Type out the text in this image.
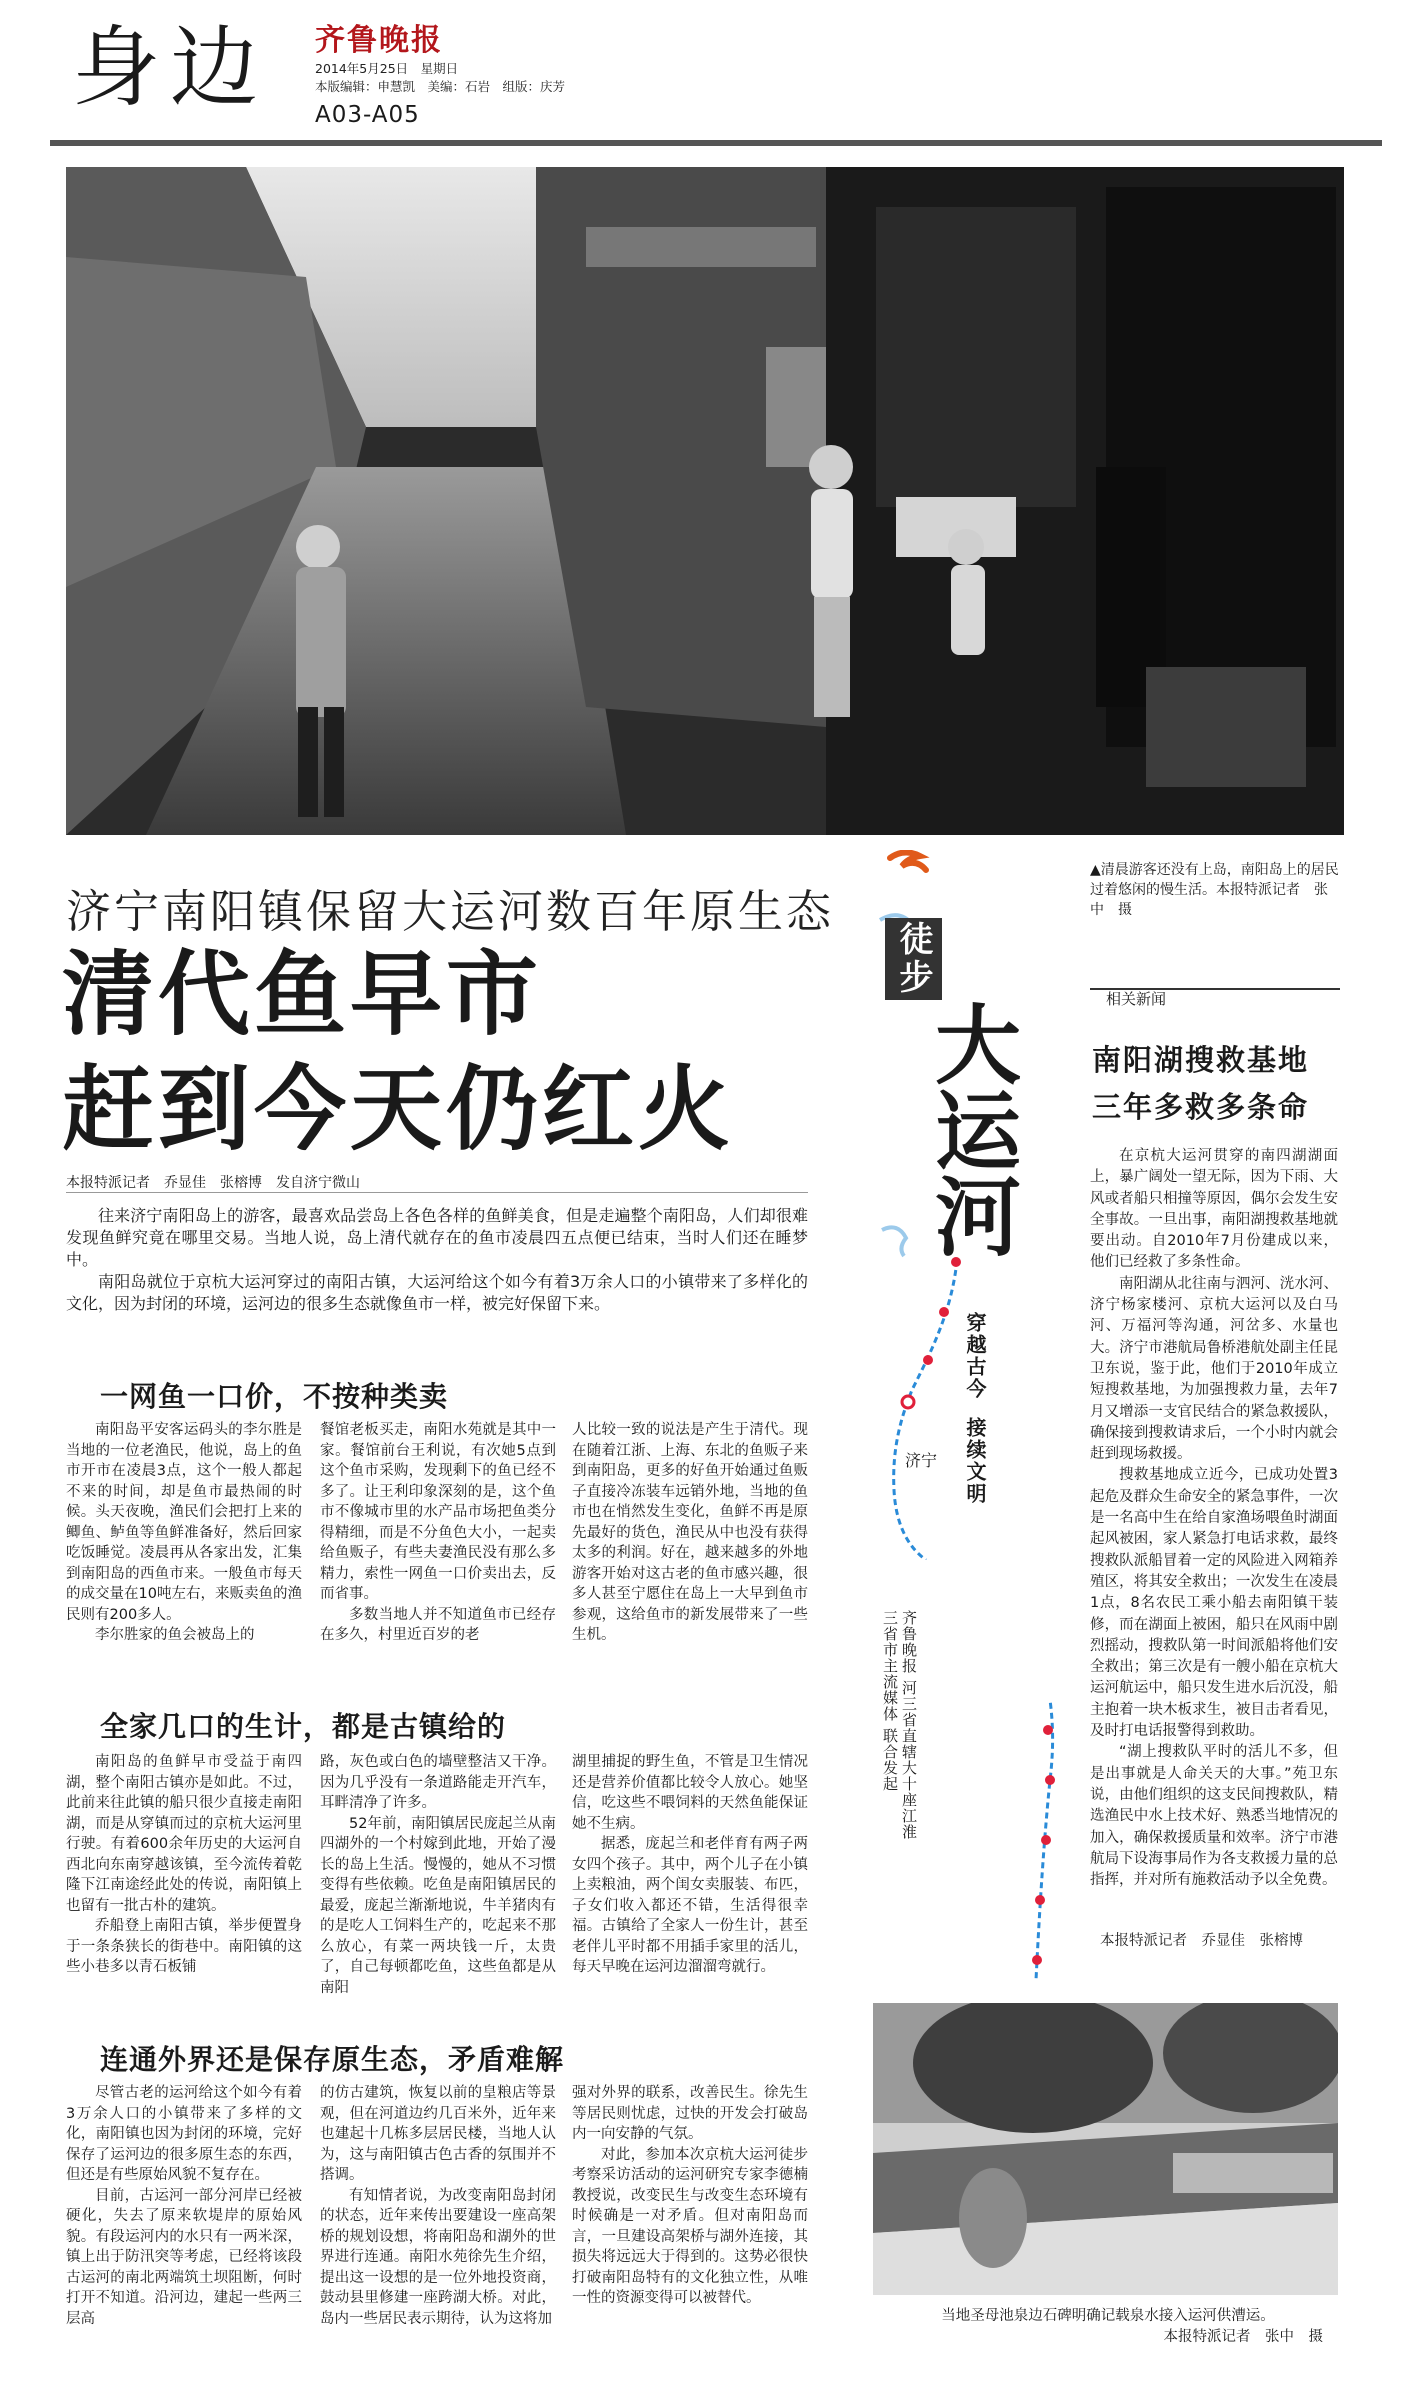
身边 齐鲁晚报
2014年5月25日　星期日
本版编辑：申慧凯　美编：石岩　组版：庆芳
A03-A05
济宁南阳镇保留大运河数百年原生态
清代鱼早市
赶到今天仍红火
本报特派记者　乔显佳　张榕博　发自济宁微山

往来济宁南阳岛上的游客，最喜欢品尝岛上各色各样的鱼鲜美食，但是走遍整个南阳岛，人们却很难发现鱼鲜究竟在哪里交易。当地人说，岛上清代就存在的鱼市凌晨四五点便已结束，当时人们还在睡梦中。

南阳岛就位于京杭大运河穿过的南阳古镇，大运河给这个如今有着3万余人口的小镇带来了多样化的文化，因为封闭的环境，运河边的很多生态就像鱼市一样，被完好保留下来。

一网鱼一口价，不按种类卖

南阳岛平安客运码头的李尔胜是当地的一位老渔民，他说，岛上的鱼市开市在凌晨3点，这个一般人都起不来的时间，却是鱼市最热闹的时候。头天夜晚，渔民们会把打上来的鲫鱼、鲈鱼等鱼鲜准备好，然后回家吃饭睡觉。凌晨再从各家出发，汇集到南阳岛的西鱼市来。一般鱼市每天的成交量在10吨左右，来贩卖鱼的渔民则有200多人。

李尔胜家的鱼会被岛上的

餐馆老板买走，南阳水苑就是其中一家。餐馆前台王利说，有次她5点到这个鱼市采购，发现剩下的鱼已经不多了。让王利印象深刻的是，这个鱼市不像城市里的水产品市场把鱼类分得精细，而是不分鱼色大小，一起卖给鱼贩子，有些夫妻渔民没有那么多精力，索性一网鱼一口价卖出去，反而省事。

多数当地人并不知道鱼市已经存在多久，村里近百岁的老

人比较一致的说法是产生于清代。现在随着江浙、上海、东北的鱼贩子来到南阳岛，更多的好鱼开始通过鱼贩子直接冷冻装车远销外地，当地的鱼市也在悄然发生变化，鱼鲜不再是原先最好的货色，渔民从中也没有获得太多的利润。好在，越来越多的外地游客开始对这古老的鱼市感兴趣，很多人甚至宁愿住在岛上一大早到鱼市参观，这给鱼市的新发展带来了一些生机。

全家几口的生计，都是古镇给的

南阳岛的鱼鲜早市受益于南四湖，整个南阳古镇亦是如此。不过，此前来往此镇的船只很少直接走南阳湖，而是从穿镇而过的京杭大运河里行驶。有着600余年历史的大运河自西北向东南穿越该镇，至今流传着乾隆下江南途经此处的传说，南阳镇上也留有一批古朴的建筑。

乔船登上南阳古镇，举步便置身于一条条狭长的街巷中。南阳镇的这些小巷多以青石板铺

路，灰色或白色的墙壁整洁又干净。因为几乎没有一条道路能走开汽车，耳畔清净了许多。

52年前，南阳镇居民庞起兰从南四湖外的一个村嫁到此地，开始了漫长的岛上生活。慢慢的，她从不习惯变得有些依赖。吃鱼是南阳镇居民的最爱，庞起兰渐渐地说，牛羊猪肉有的是吃人工饲料生产的，吃起来不那么放心，有菜一两块钱一斤，太贵了，自己每顿都吃鱼，这些鱼都是从南阳

湖里捕捉的野生鱼，不管是卫生情况还是营养价值都比较令人放心。她坚信，吃这些不喂饲料的天然鱼能保证她不生病。

据悉，庞起兰和老伴育有两子两女四个孩子。其中，两个儿子在小镇上卖粮油，两个闺女卖服装、布匹，子女们收入都还不错，生活得很幸福。古镇给了全家人一份生计，甚至老伴儿平时都不用插手家里的活儿，每天早晚在运河边溜溜弯就行。

连通外界还是保存原生态，矛盾难解

尽管古老的运河给这个如今有着3万余人口的小镇带来了多样的文化，南阳镇也因为封闭的环境，完好保存了运河边的很多原生态的东西，但还是有些原始风貌不复存在。

目前，古运河一部分河岸已经被硬化，失去了原来软堤岸的原始风貌。有段运河内的水只有一两米深，镇上出于防汛突等考虑，已经将该段古运河的南北两端筑土坝阻断，何时打开不知道。沿河边，建起一些两三层高

的仿古建筑，恢复以前的皇粮店等景观，但在河道边约几百米外，近年来也建起十几栋多层居民楼，当地人认为，这与南阳镇古色古香的氛围并不搭调。

有知情者说，为改变南阳岛封闭的状态，近年来传出要建设一座高架桥的规划设想，将南阳岛和湖外的世界进行连通。南阳水苑徐先生介绍，提出这一设想的是一位外地投资商，鼓动县里修建一座跨湖大桥。对此，岛内一些居民表示期待，认为这将加

强对外界的联系，改善民生。徐先生等居民则忧虑，过快的开发会打破岛内一向安静的气氛。

对此，参加本次京杭大运河徒步考察采访活动的运河研究专家李德楠教授说，改变民生与改变生态环境有时候确是一对矛盾。但对南阳岛而言，一旦建设高架桥与湖外连接，其损失将远远大于得到的。这势必很快打破南阳岛特有的文化独立性，从唯一性的资源变得可以被替代。

徒步
大运河
穿越古今 接续文明
济宁
齐鲁晚报 河三省直辖大十座江淮三省市主流媒体 联合发起
▲清晨游客还没有上岛，南阳岛上的居民过着悠闲的慢生活。本报特派记者　张中　摄
相关新闻
南阳湖搜救基地
三年多救多条命

在京杭大运河贯穿的南四湖湖面上，暴广阔处一望无际，因为下雨、大风或者船只相撞等原因，偶尔会发生安全事故。一旦出事，南阳湖搜救基地就要出动。自2010年7月份建成以来，他们已经救了多条性命。

南阳湖从北往南与泗河、洸水河、济宁杨家楼河、京杭大运河以及白马河、万福河等沟通，河岔多、水量也大。济宁市港航局鲁桥港航处副主任昆卫东说，鉴于此，他们于2010年成立短搜救基地，为加强搜救力量，去年7月又增添一支官民结合的紧急救援队，确保接到搜救请求后，一个小时内就会赶到现场救援。

搜救基地成立近今，已成功处置3起危及群众生命安全的紧急事件，一次是一名高中生在给自家渔场喂鱼时湖面起风被困，家人紧急打电话求救，最终搜救队派船冒着一定的风险进入网箱养殖区，将其安全救出；一次发生在凌晨1点，8名农民工乘小船去南阳镇干装修，而在湖面上被困，船只在风雨中剧烈摇动，搜救队第一时间派船将他们安全救出；第三次是有一艘小船在京杭大运河航运中，船只发生进水后沉没，船主抱着一块木板求生，被目击者看见，及时打电话报警得到救助。

“湖上搜救队平时的活儿不多，但是出事就是人命关天的大事。”苑卫东说，由他们组织的这支民间搜救队，精选渔民中水上技术好、熟悉当地情况的加入，确保救援质量和效率。济宁市港航局下设海事局作为各支救援力量的总指挥，并对所有施救活动予以全免费。

本报特派记者　乔显佳　张榕博
当地圣母池泉边石碑明确记载泉水接入运河供漕运。
本报特派记者　张中　摄
